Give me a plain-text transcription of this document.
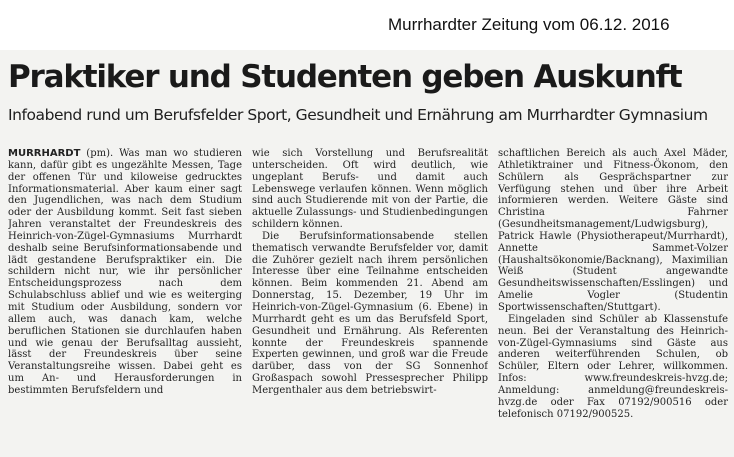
Murrhardter Zeitung vom 06.12. 2016
Praktiker und Studenten geben Auskunft
Infoabend rund um Berufsfelder Sport, Gesundheit und Ernährung am Murrhardter Gymnasium

MURRHARDT (pm). Was man wo studieren kann, dafür gibt es ungezählte Messen, Tage der offenen Tür und kiloweise gedrucktes Informationsmaterial. Aber kaum einer sagt den Jugendlichen, was nach dem Studium oder der Ausbildung kommt. Seit fast sieben Jahren veranstaltet der Freundeskreis des Heinrich-von-Zügel-Gymnasiums Murrhardt deshalb seine Berufsinformationsabende und lädt gestandene Berufspraktiker ein. Die schildern nicht nur, wie ihr persönlicher Entscheidungsprozess nach dem Schulabschluss ablief und wie es weiterging mit Studium oder Ausbildung, sondern vor allem auch, was danach kam, welche beruflichen Stationen sie durchlaufen haben und wie genau der Berufsalltag aussieht, lässt der Freundeskreis über seine Veranstaltungsreihe wissen. Dabei geht es um An- und Herausforderungen in bestimmten Berufsfeldern und

wie sich Vorstellung und Berufsrealität unterscheiden. Oft wird deutlich, wie ungeplant Berufs- und damit auch Lebenswege verlaufen können. Wenn möglich sind auch Studierende mit von der Partie, die aktuelle Zulassungs- und Studienbedingungen schildern können.

Die Berufsinformationsabende stellen thematisch verwandte Berufsfelder vor, damit die Zuhörer gezielt nach ihrem persönlichen Interesse über eine Teilnahme entscheiden können. Beim kommenden 21. Abend am Donnerstag, 15. Dezember, 19 Uhr im Heinrich-von-Zügel-Gymnasium (6. Ebene) in Murrhardt geht es um das Berufsfeld Sport, Gesundheit und Ernährung. Als Referenten konnte der Freundeskreis spannende Experten gewinnen, und groß war die Freude darüber, dass von der SG Sonnenhof Großaspach sowohl Pressesprecher Philipp Mergenthaler aus dem betriebswirt-

schaftlichen Bereich als auch Axel Mäder, Athletiktrainer und Fitness-Ökonom, den Schülern als Gesprächspartner zur Verfügung stehen und über ihre Arbeit informieren werden. Weitere Gäste sind Christina Fahrner (Gesundheitsmanagement/Ludwigsburg), Patrick Hawle (Physiotherapeut/Murrhardt), Annette Sammet-Volzer (Haushaltsökonomie/Backnang), Maximilian Weiß (Student angewandte Gesundheitswissenschaften/Esslingen) und Amelie Vogler (Studentin Sportwissenschaften/Stuttgart).

Eingeladen sind Schüler ab Klassenstufe neun. Bei der Veranstaltung des Heinrich-von-Zügel-Gymnasiums sind Gäste aus anderen weiterführenden Schulen, ob Schüler, Eltern oder Lehrer, willkommen. Infos: www.freundeskreis-hvzg.de; Anmeldung: anmeldung@freundeskreis-hvzg.de oder Fax 07192/900516 oder telefonisch 07192/900525.
